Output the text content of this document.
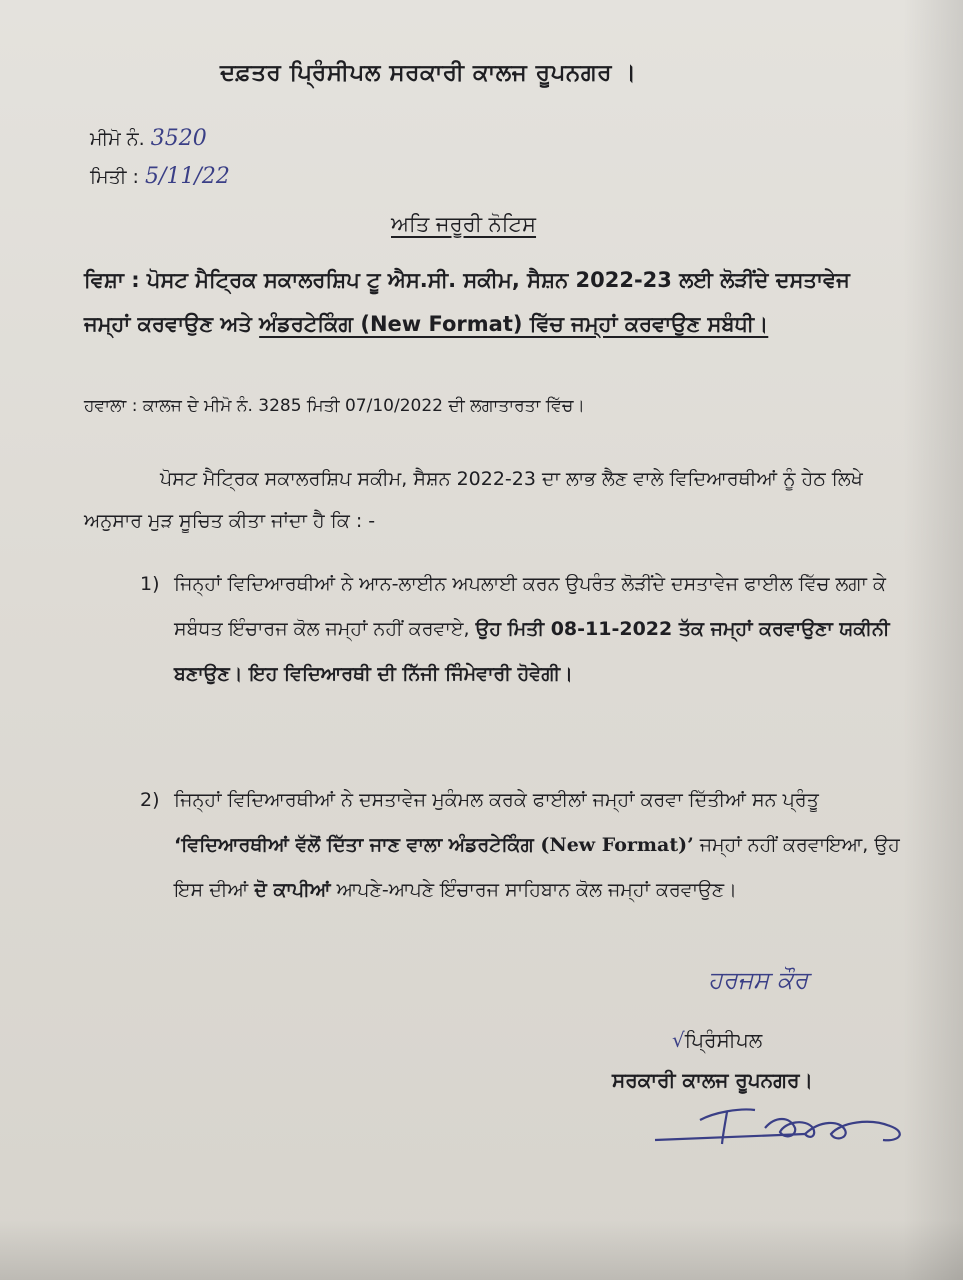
ਦਫ਼ਤਰ ਪ੍ਰਿੰਸੀਪਲ ਸਰਕਾਰੀ ਕਾਲਜ ਰੂਪਨਗਰ ।
ਮੀਮੋ ਨੰ. 3520
ਮਿਤੀ : 5/11/22
ਅਤਿ ਜਰੂਰੀ ਨੋਟਿਸ
ਵਿਸ਼ਾ : ਪੋਸਟ ਮੈਟ੍ਰਿਕ ਸਕਾਲਰਸ਼ਿਪ ਟੂ ਐਸ.ਸੀ. ਸਕੀਮ, ਸੈਸ਼ਨ 2022-23 ਲਈ ਲੋੜੀਂਦੇ ਦਸਤਾਵੇਜ ਜਮ੍ਹਾਂ ਕਰਵਾਉਣ ਅਤੇ ਅੰਡਰਟੇਕਿੰਗ (New Format) ਵਿੱਚ ਜਮ੍ਹਾਂ ਕਰਵਾਉਣ ਸਬੰਧੀ।
ਹਵਾਲਾ : ਕਾਲਜ ਦੇ ਮੀਮੋ ਨੰ. 3285 ਮਿਤੀ 07/10/2022 ਦੀ ਲਗਾਤਾਰਤਾ ਵਿੱਚ।
ਪੋਸਟ ਮੈਟ੍ਰਿਕ ਸਕਾਲਰਸ਼ਿਪ ਸਕੀਮ, ਸੈਸ਼ਨ 2022-23 ਦਾ ਲਾਭ ਲੈਣ ਵਾਲੇ ਵਿਦਿਆਰਥੀਆਂ ਨੂੰ ਹੇਠ ਲਿਖੇ ਅਨੁਸਾਰ ਮੁੜ ਸੂਚਿਤ ਕੀਤਾ ਜਾਂਦਾ ਹੈ ਕਿ : -
1) ਜਿਨ੍ਹਾਂ ਵਿਦਿਆਰਥੀਆਂ ਨੇ ਆਨ-ਲਾਈਨ ਅਪਲਾਈ ਕਰਨ ਉਪਰੰਤ ਲੋੜੀਂਦੇ ਦਸਤਾਵੇਜ ਫਾਈਲ ਵਿੱਚ ਲਗਾ ਕੇ ਸਬੰਧਤ ਇੰਚਾਰਜ ਕੋਲ ਜਮ੍ਹਾਂ ਨਹੀਂ ਕਰਵਾਏ, ਉਹ ਮਿਤੀ 08-11-2022 ਤੱਕ ਜਮ੍ਹਾਂ ਕਰਵਾਉਣਾ ਯਕੀਨੀ ਬਣਾਉਣ। ਇਹ ਵਿਦਿਆਰਥੀ ਦੀ ਨਿੱਜੀ ਜਿੰਮੇਵਾਰੀ ਹੋਵੇਗੀ।
2) ਜਿਨ੍ਹਾਂ ਵਿਦਿਆਰਥੀਆਂ ਨੇ ਦਸਤਾਵੇਜ ਮੁਕੰਮਲ ਕਰਕੇ ਫਾਈਲਾਂ ਜਮ੍ਹਾਂ ਕਰਵਾ ਦਿੱਤੀਆਂ ਸਨ ਪ੍ਰੰਤੂ ‘ਵਿਦਿਆਰਥੀਆਂ ਵੱਲੋਂ ਦਿੱਤਾ ਜਾਣ ਵਾਲਾ ਅੰਡਰਟੇਕਿੰਗ (New Format)’ ਜਮ੍ਹਾਂ ਨਹੀਂ ਕਰਵਾਇਆ, ਉਹ ਇਸ ਦੀਆਂ ਦੋ ਕਾਪੀਆਂ ਆਪਣੇ-ਆਪਣੇ ਇੰਚਾਰਜ ਸਾਹਿਬਾਨ ਕੋਲ ਜਮ੍ਹਾਂ ਕਰਵਾਉਣ।
ਹਰਜਸ ਕੌਰ
√ਪ੍ਰਿੰਸੀਪਲ
ਸਰਕਾਰੀ ਕਾਲਜ ਰੂਪਨਗਰ।
